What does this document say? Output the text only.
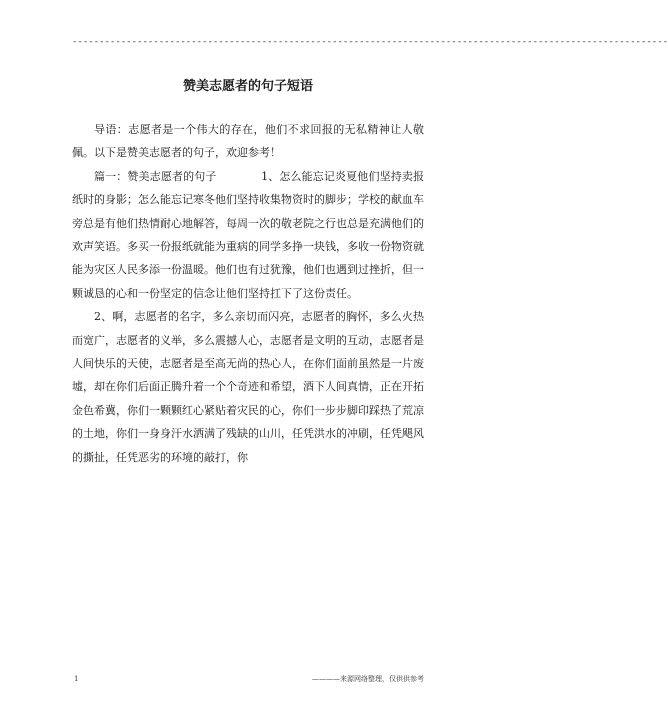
--------------------------------------------------------------------------------------------------------------
赞美志愿者的句子短语

导语：志愿者是一个伟大的存在，他们不求回报的无私精神让人敬佩。以下是赞美志愿者的句子，欢迎参考！

篇一：赞美志愿者的句子　　　　1、怎么能忘记炎夏他们坚持卖报纸时的身影；怎么能忘记寒冬他们坚持收集物资时的脚步；学校的献血车旁总是有他们热情耐心地解答，每周一次的敬老院之行也总是充满他们的欢声笑语。多买一份报纸就能为重病的同学多挣一块钱，多收一份物资就能为灾区人民多添一份温暖。他们也有过犹豫，他们也遇到过挫折，但一颗诚恳的心和一份坚定的信念让他们坚持扛下了这份责任。

2、啊，志愿者的名字，多么亲切而闪亮，志愿者的胸怀，多么火热而宽广，志愿者的义举，多么震撼人心，志愿者是文明的互动，志愿者是人间快乐的天使，志愿者是至高无尚的热心人，在你们面前虽然是一片废墟，却在你们后面正腾升着一个个奇迹和希望，酒下人间真情，正在开拓金色希冀，你们一颗颗红心紧贴着灾民的心，你们一步步脚印踩热了荒凉的土地，你们一身身汗水洒满了残缺的山川，任凭洪水的冲刷，任凭飓风的撕扯，任凭恶劣的环境的敲打，你

1	————来源网络整理，仅供供参考
